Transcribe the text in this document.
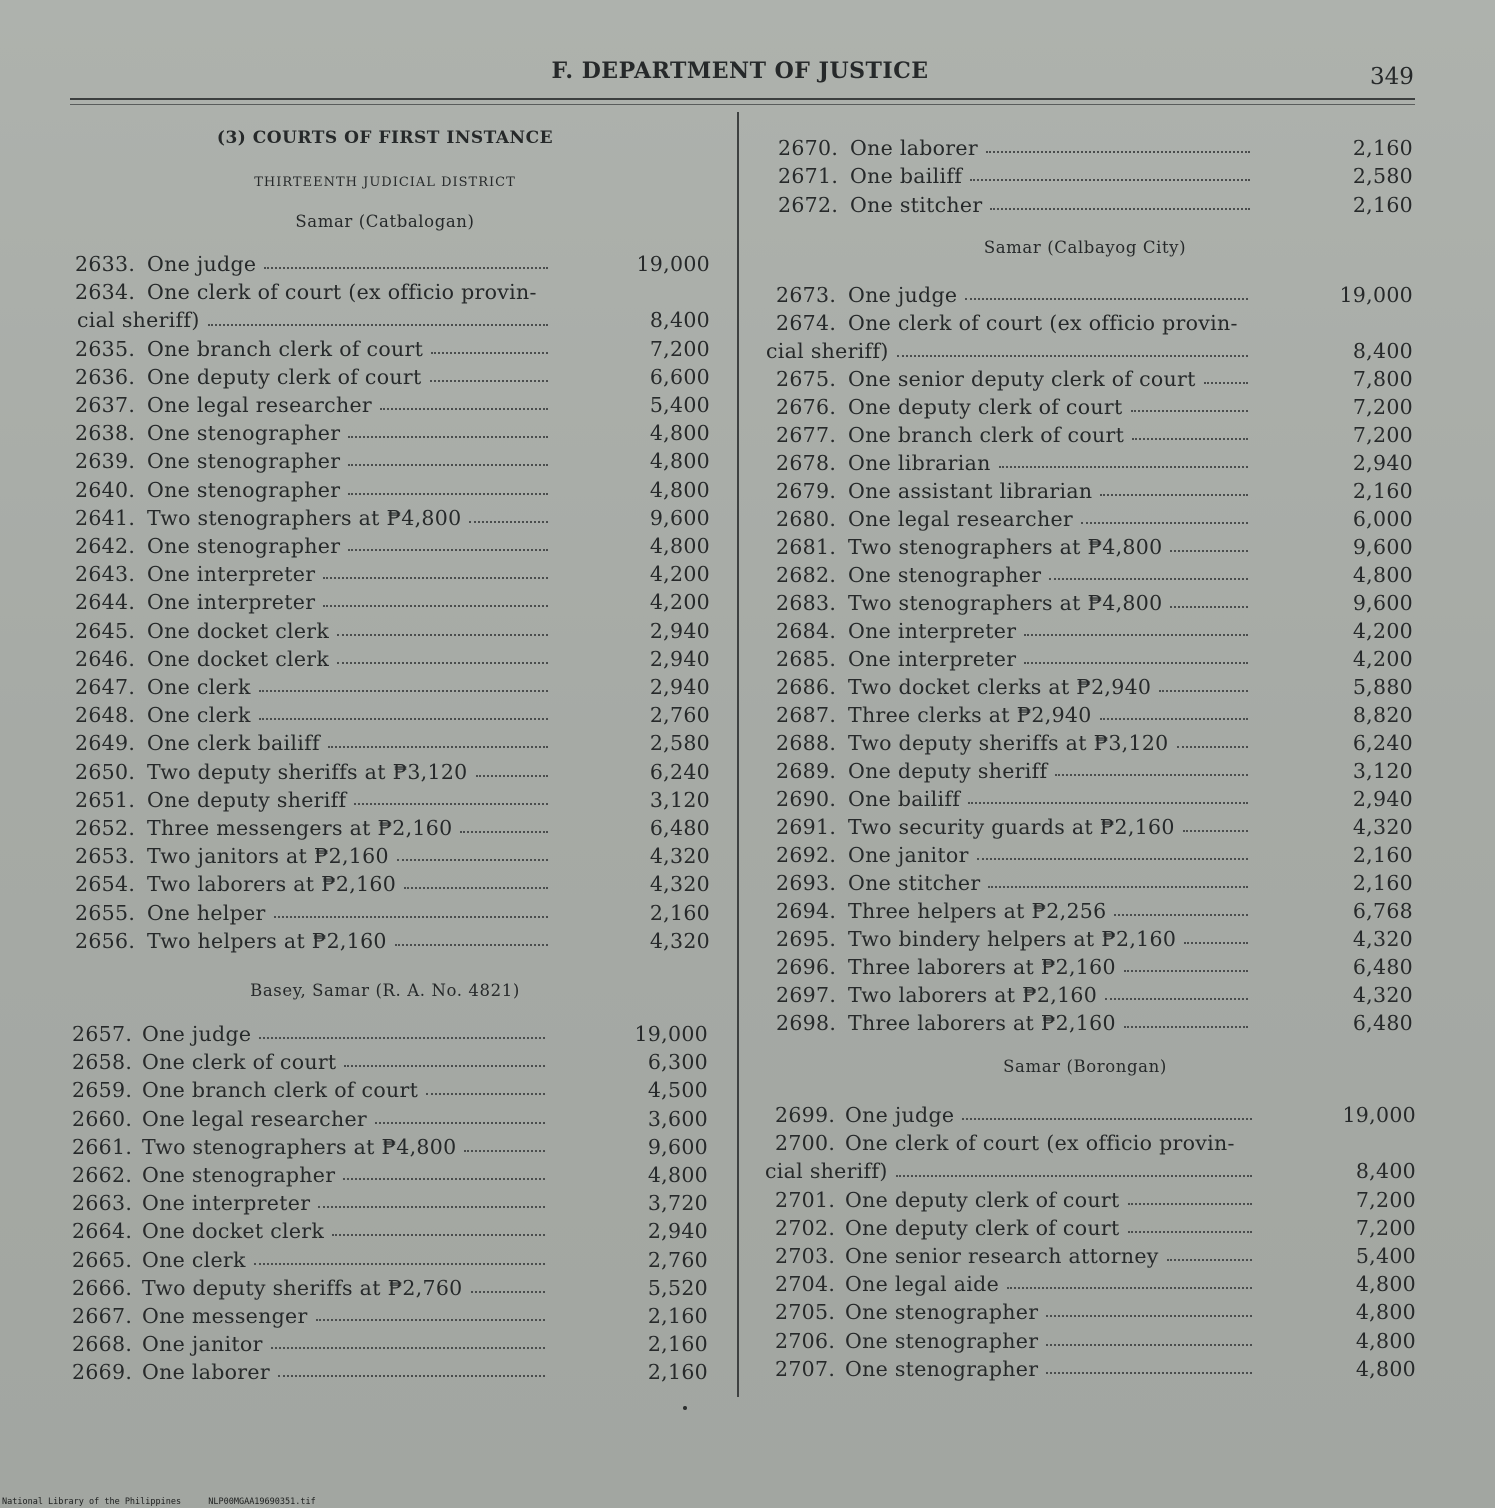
F. DEPARTMENT OF JUSTICE	349
(3) COURTS OF FIRST INSTANCE
THIRTEENTH JUDICIAL DISTRICT
Samar (Catbalogan)
Basey, Samar (R. A. No. 4821)
Samar (Calbayog City)
Samar (Borongan)
2633. One judge	19,000
2634. One clerk of court (ex officio provin-
cial sheriff)	8,400
2635. One branch clerk of court	7,200
2636. One deputy clerk of court	6,600
2637. One legal researcher	5,400
2638. One stenographer	4,800
2639. One stenographer	4,800
2640. One stenographer	4,800
2641. Two stenographers at ₱4,800	9,600
2642. One stenographer	4,800
2643. One interpreter	4,200
2644. One interpreter	4,200
2645. One docket clerk	2,940
2646. One docket clerk	2,940
2647. One clerk	2,940
2648. One clerk	2,760
2649. One clerk bailiff	2,580
2650. Two deputy sheriffs at ₱3,120	6,240
2651. One deputy sheriff	3,120
2652. Three messengers at ₱2,160	6,480
2653. Two janitors at ₱2,160	4,320
2654. Two laborers at ₱2,160	4,320
2655. One helper	2,160
2656. Two helpers at ₱2,160	4,320
2657. One judge	19,000
2658. One clerk of court	6,300
2659. One branch clerk of court	4,500
2660. One legal researcher	3,600
2661. Two stenographers at ₱4,800	9,600
2662. One stenographer	4,800
2663. One interpreter	3,720
2664. One docket clerk	2,940
2665. One clerk	2,760
2666. Two deputy sheriffs at ₱2,760	5,520
2667. One messenger	2,160
2668. One janitor	2,160
2669. One laborer	2,160
2670. One laborer	2,160
2671. One bailiff	2,580
2672. One stitcher	2,160
2673. One judge	19,000
2674. One clerk of court (ex officio provin-
cial sheriff)	8,400
2675. One senior deputy clerk of court	7,800
2676. One deputy clerk of court	7,200
2677. One branch clerk of court	7,200
2678. One librarian	2,940
2679. One assistant librarian	2,160
2680. One legal researcher	6,000
2681. Two stenographers at ₱4,800	9,600
2682. One stenographer	4,800
2683. Two stenographers at ₱4,800	9,600
2684. One interpreter	4,200
2685. One interpreter	4,200
2686. Two docket clerks at ₱2,940	5,880
2687. Three clerks at ₱2,940	8,820
2688. Two deputy sheriffs at ₱3,120	6,240
2689. One deputy sheriff	3,120
2690. One bailiff	2,940
2691. Two security guards at ₱2,160	4,320
2692. One janitor	2,160
2693. One stitcher	2,160
2694. Three helpers at ₱2,256	6,768
2695. Two bindery helpers at ₱2,160	4,320
2696. Three laborers at ₱2,160	6,480
2697. Two laborers at ₱2,160	4,320
2698. Three laborers at ₱2,160	6,480
2699. One judge	19,000
2700. One clerk of court (ex officio provin-
cial sheriff)	8,400
2701. One deputy clerk of court	7,200
2702. One deputy clerk of court	7,200
2703. One senior research attorney	5,400
2704. One legal aide	4,800
2705. One stenographer	4,800
2706. One stenographer	4,800
2707. One stenographer	4,800
National Library of the Philippines	NLP00MGAA19690351.tif
